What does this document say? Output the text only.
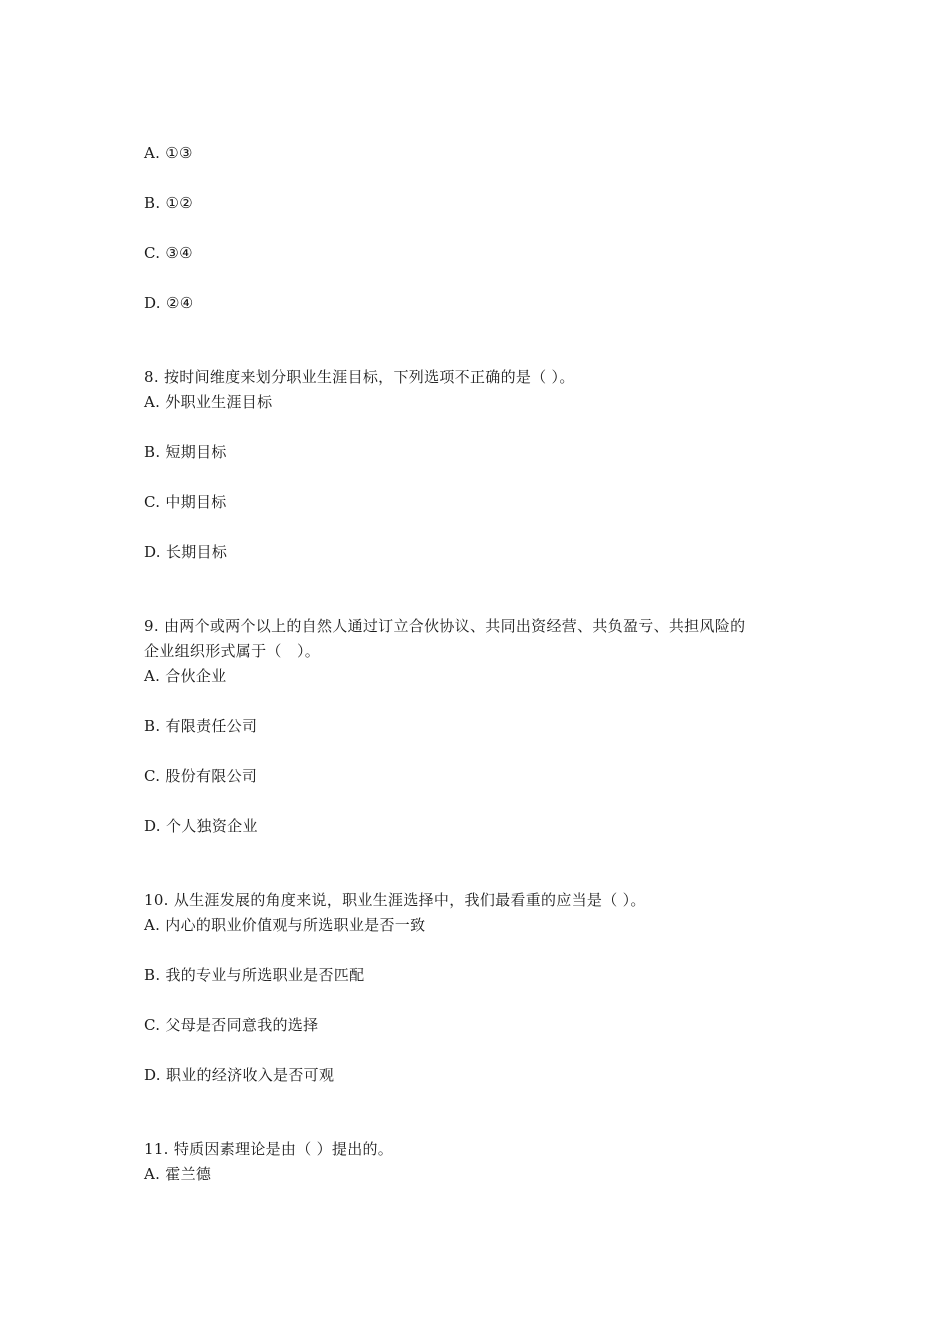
A. ①③
B. ①②
C. ③④
D. ②④
8. 按时间维度来划分职业生涯目标，下列选项不正确的是（ ）。
A. 外职业生涯目标
B. 短期目标
C. 中期目标
D. 长期目标
9. 由两个或两个以上的自然人通过订立合伙协议、共同出资经营、共负盈亏、共担风险的
企业组织形式属于（　）。
A. 合伙企业
B. 有限责任公司
C. 股份有限公司
D. 个人独资企业
10. 从生涯发展的角度来说，职业生涯选择中，我们最看重的应当是（ ）。
A. 内心的职业价值观与所选职业是否一致
B. 我的专业与所选职业是否匹配
C. 父母是否同意我的选择
D. 职业的经济收入是否可观
11. 特质因素理论是由（ ）提出的。
A. 霍兰德
